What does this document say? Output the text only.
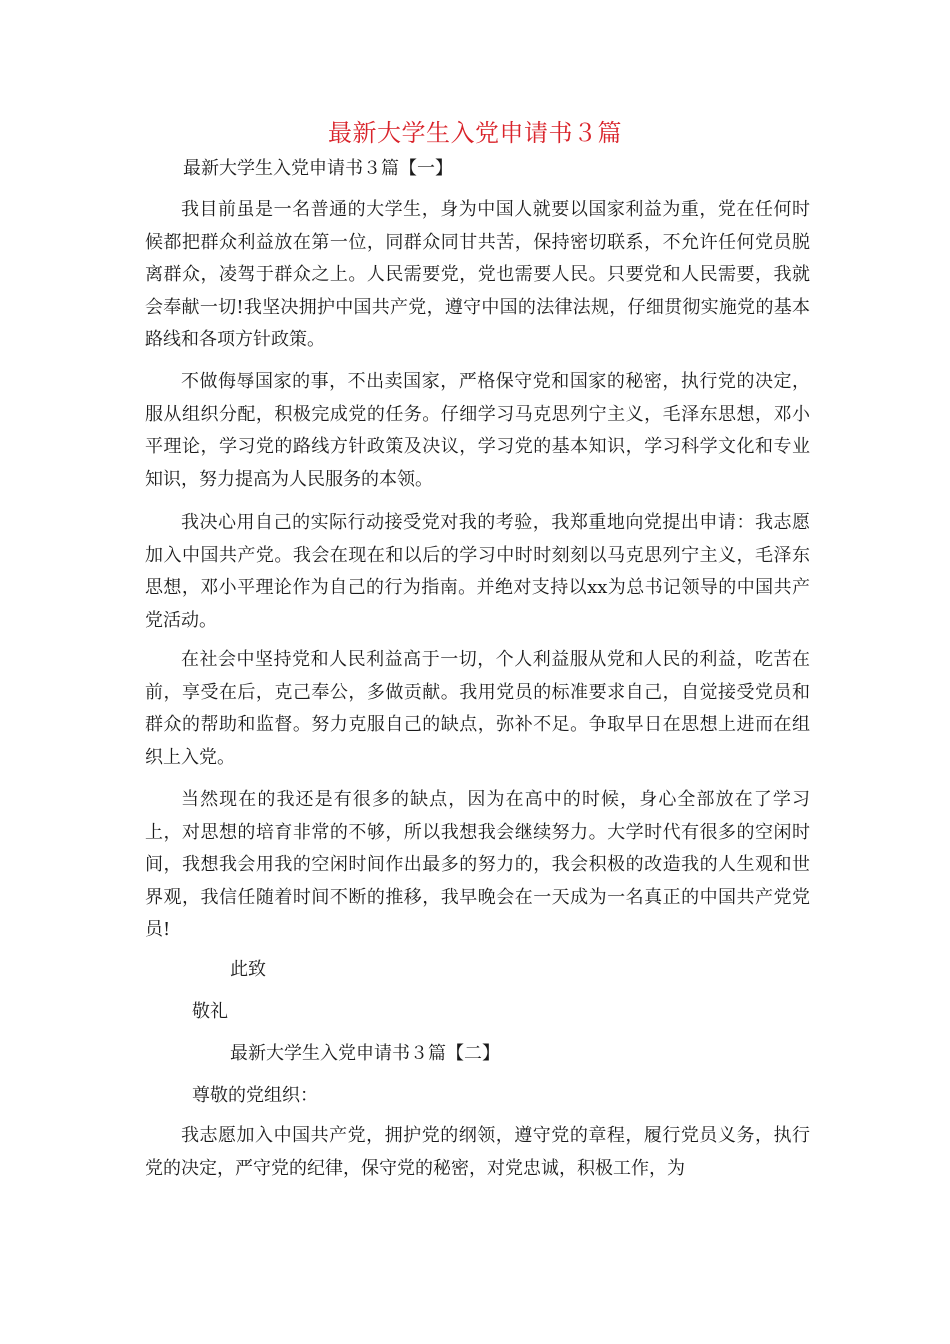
最新大学生入党申请书３篇

最新大学生入党申请书３篇【一】

我目前虽是一名普通的大学生，身为中国人就要以国家利益为重，党在任何时候都把群众利益放在第一位，同群众同甘共苦，保持密切联系，不允许任何党员脱离群众，凌驾于群众之上。人民需要党，党也需要人民。只要党和人民需要，我就会奉献一切!我坚决拥护中国共产党，遵守中国的法律法规，仔细贯彻实施党的基本路线和各项方针政策。

不做侮辱国家的事，不出卖国家，严格保守党和国家的秘密，执行党的决定，服从组织分配，积极完成党的任务。仔细学习马克思列宁主义，毛泽东思想，邓小平理论，学习党的路线方针政策及决议，学习党的基本知识，学习科学文化和专业知识，努力提高为人民服务的本领。

我决心用自己的实际行动接受党对我的考验，我郑重地向党提出申请：我志愿加入中国共产党。我会在现在和以后的学习中时时刻刻以马克思列宁主义，毛泽东思想，邓小平理论作为自己的行为指南。并绝对支持以xx为总书记领导的中国共产党活动。

在社会中坚持党和人民利益高于一切，个人利益服从党和人民的利益，吃苦在前，享受在后，克己奉公，多做贡献。我用党员的标准要求自己，自觉接受党员和群众的帮助和监督。努力克服自己的缺点，弥补不足。争取早日在思想上进而在组织上入党。

当然现在的我还是有很多的缺点，因为在高中的时候，身心全部放在了学习上，对思想的培育非常的不够，所以我想我会继续努力。大学时代有很多的空闲时间，我想我会用我的空闲时间作出最多的努力的，我会积极的改造我的人生观和世界观，我信任随着时间不断的推移，我早晚会在一天成为一名真正的中国共产党党员!

此致

敬礼

最新大学生入党申请书３篇【二】

尊敬的党组织：

我志愿加入中国共产党，拥护党的纲领，遵守党的章程，履行党员义务，执行党的决定，严守党的纪律，保守党的秘密，对党忠诚，积极工作，为
